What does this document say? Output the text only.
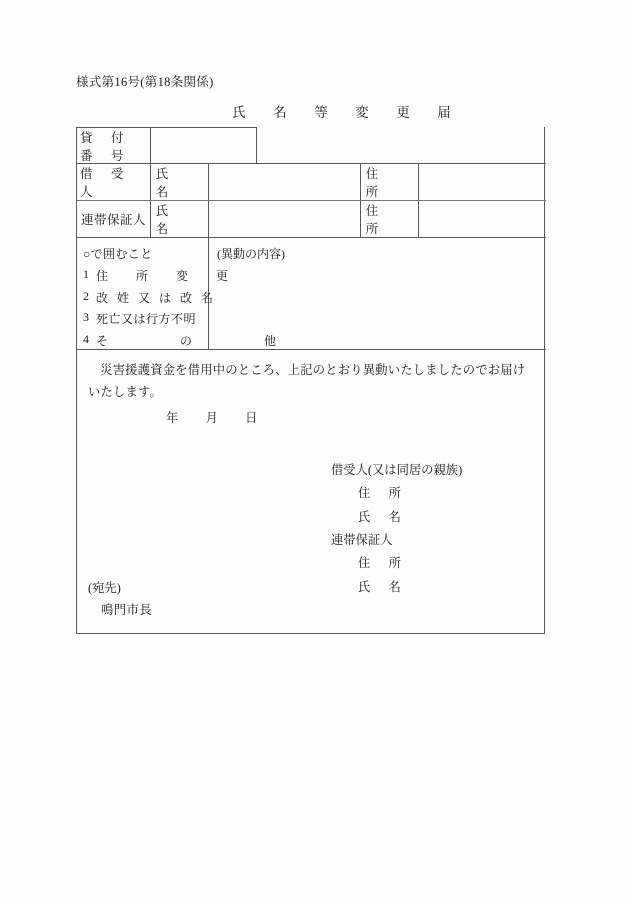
様式第16号(第18条関係)
氏　名　等　変　更　届
貸　付　番　号
借　受　人
氏　　名
住　　所
連帯保証人
氏　　名
住　　所
○で囲むこと
1 住　所　変　更
2 改 姓 又 は 改 名
3 死亡又は行方不明
4 そ　　の　　他
(異動の内容)
災害援護資金を借用中のところ、上記のとおり異動いたしましたのでお届けいたします。
年 月 日
借受人(又は同居の親族)
住　所
氏　名
連帯保証人
住　所
氏　名
(宛先)
鳴門市長
